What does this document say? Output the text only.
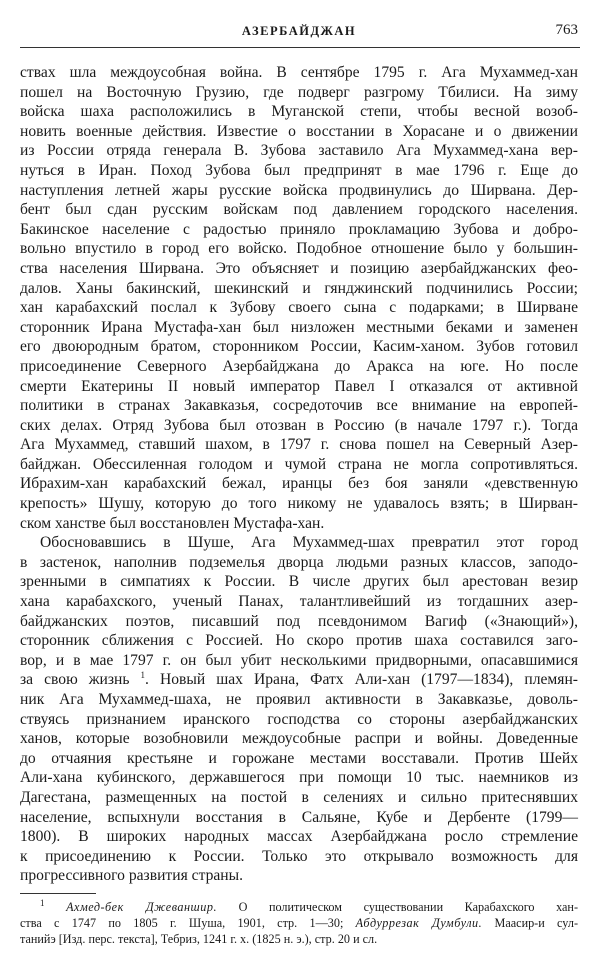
АЗЕРБАЙДЖАН	763
ствах шла междоусобная война. В сентябре 1795 г. Ага Мухаммед-хан
пошел на Восточную Грузию, где подверг разгрому Тбилиси. На зиму
войска шаха расположились в Муганской степи, чтобы весной возоб-
новить военные действия. Известие о восстании в Хорасане и о движении
из России отряда генерала В. Зубова заставило Ага Мухаммед-хана вер-
нуться в Иран. Поход Зубова был предпринят в мае 1796 г. Еще до
наступления летней жары русские войска продвинулись до Ширвана. Дер-
бент был сдан русским войскам под давлением городского населения.
Бакинское население с радостью приняло прокламацию Зубова и добро-
вольно впустило в город его войско. Подобное отношение было у большин-
ства населения Ширвана. Это объясняет и позицию азербайджанских фео-
далов. Ханы бакинский, шекинский и гянджинский подчинились России;
хан карабахский послал к Зубову своего сына с подарками; в Ширване
сторонник Ирана Мустафа-хан был низложен местными беками и заменен
его двоюродным братом, сторонником России, Касим-ханом. Зубов готовил
присоединение Северного Азербайджана до Аракса на юге. Но после
смерти Екатерины II новый император Павел I отказался от активной
политики в странах Закавказья, сосредоточив все внимание на европей-
ских делах. Отряд Зубова был отозван в Россию (в начале 1797 г.). Тогда
Ага Мухаммед, ставший шахом, в 1797 г. снова пошел на Северный Азер-
байджан. Обессиленная голодом и чумой страна не могла сопротивляться.
Ибрахим-хан карабахский бежал, иранцы без боя заняли «девственную
крепость» Шушу, которую до того никому не удавалось взять; в Ширван-
ском ханстве был восстановлен Мустафа-хан.
Обосновавшись в Шуше, Ага Мухаммед-шах превратил этот город
в застенок, наполнив подземелья дворца людьми разных классов, заподо-
зренными в симпатиях к России. В числе других был арестован везир
хана карабахского, ученый Панах, талантливейший из тогдашних азер-
байджанских поэтов, писавший под псевдонимом Вагиф («Знающий»),
сторонник сближения с Россией. Но скоро против шаха составился заго-
вор, и в мае 1797 г. он был убит несколькими придворными, опасавшимися
за свою жизнь $^1$. Новый шах Ирана, Фатх Али-хан (1797—1834), племян-
ник Ага Мухаммед-шаха, не проявил активности в Закавказье, доволь-
ствуясь признанием иранского господства со стороны азербайджанских
ханов, которые возобновили междоусобные распри и войны. Доведенные
до отчаяния крестьяне и горожане местами восставали. Против Шейх
Али-хана кубинского, державшегося при помощи 10 тыс. наемников из
Дагестана, размещенных на постой в селениях и сильно притеснявших
население, вспыхнули восстания в Сальяне, Кубе и Дербенте (1799—
1800). В широких народных массах Азербайджана росло стремление
к присоединению к России. Только это открывало возможность для
прогрессивного развития страны.
$^1$ Ахмед-бек Джеваншир. О политическом существовании Карабахского хан-
ства с 1747 по 1805 г. Шуша, 1901, стр. 1—30; Абдуррезак Думбули. Маасир-и сул-
танийэ [Изд. перс. текста], Тебриз, 1241 г. х. (1825 н. э.), стр. 20 и сл.
